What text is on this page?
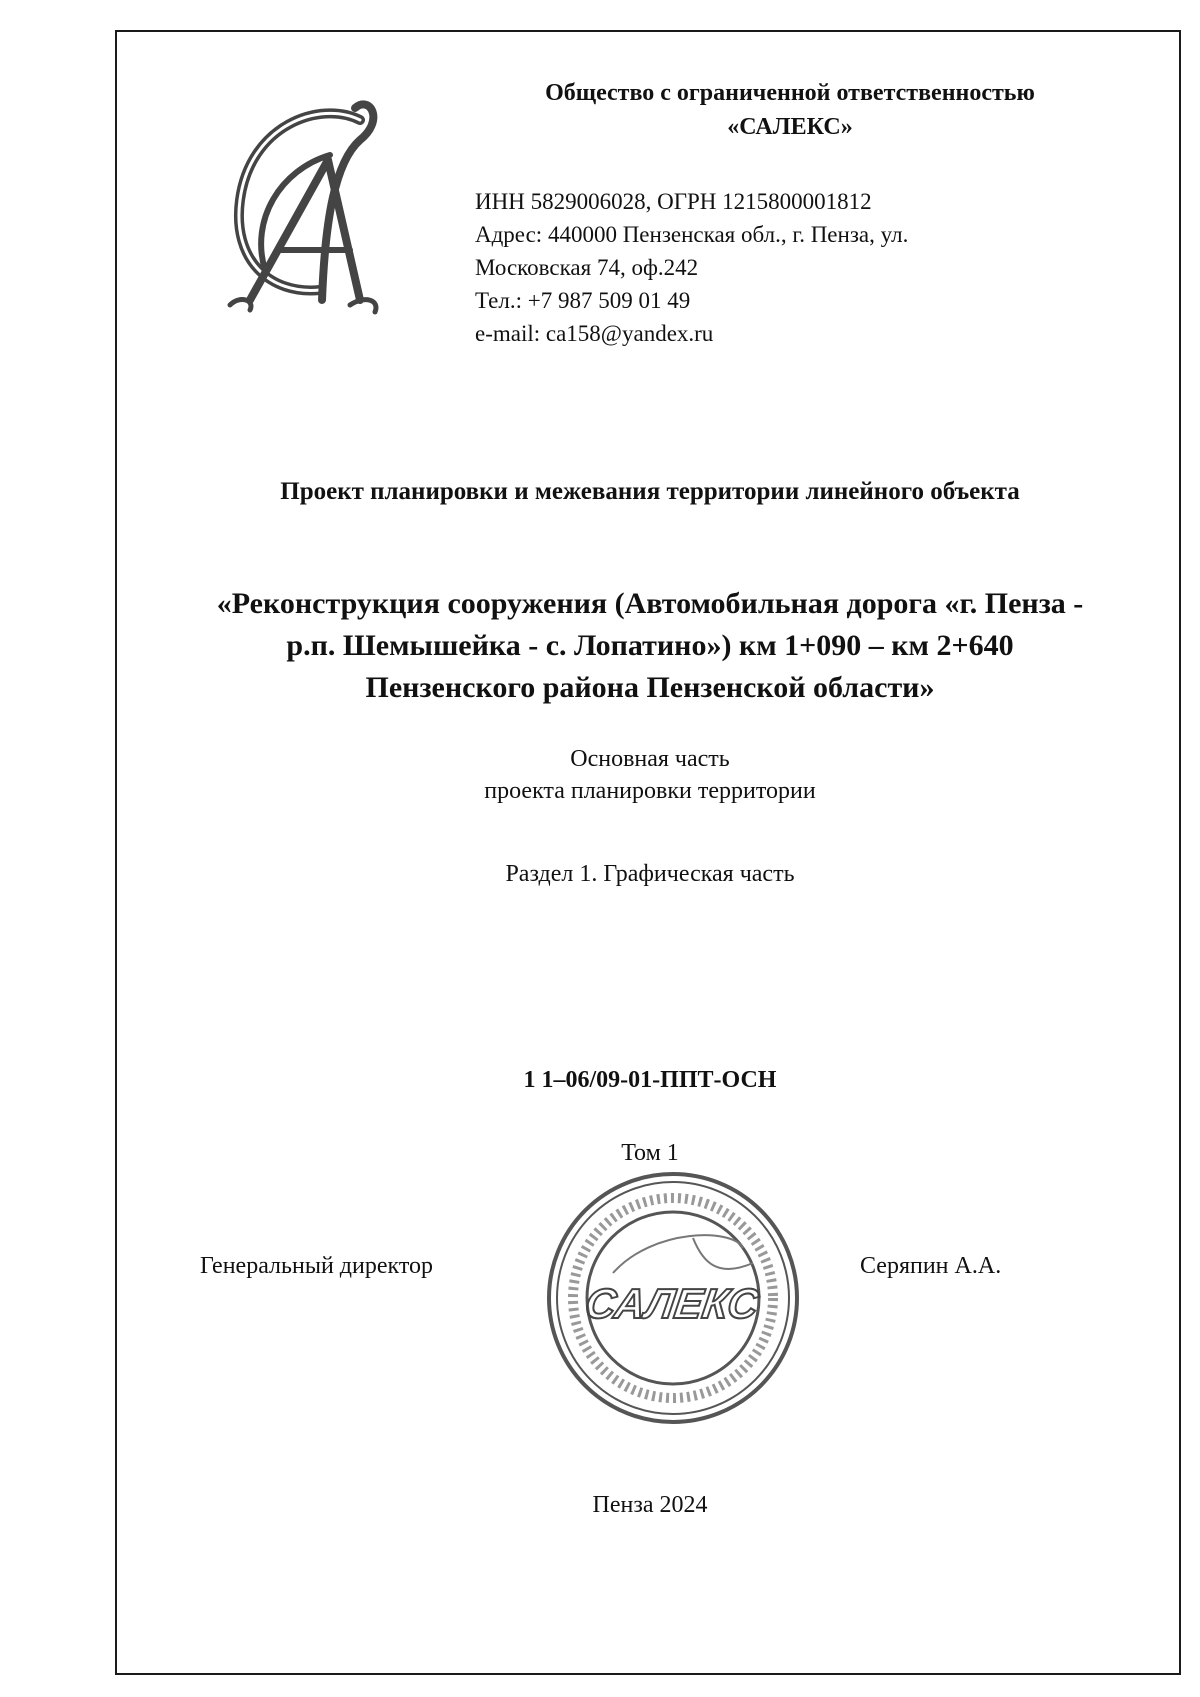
Общество с ограниченной ответственностью
«САЛЕКС»
ИНН 5829006028, ОГРН 1215800001812
Адрес: 440000 Пензенская обл., г. Пенза, ул.
Московская 74, оф.242
Тел.: +7 987 509 01 49
e-mail: ca158@yandex.ru
Проект планировки и межевания территории линейного объекта
«Реконструкция сооружения (Автомобильная дорога «г. Пенза -
р.п. Шемышейка - с. Лопатино») км 1+090 – км 2+640
Пензенского района Пензенской области»
Основная часть
проекта планировки территории
Раздел 1. Графическая часть
1 1–06/09-01-ППТ-ОСН
Том 1
Генеральный директор
САЛЕКС
Серяпин А.А.
Пенза 2024
